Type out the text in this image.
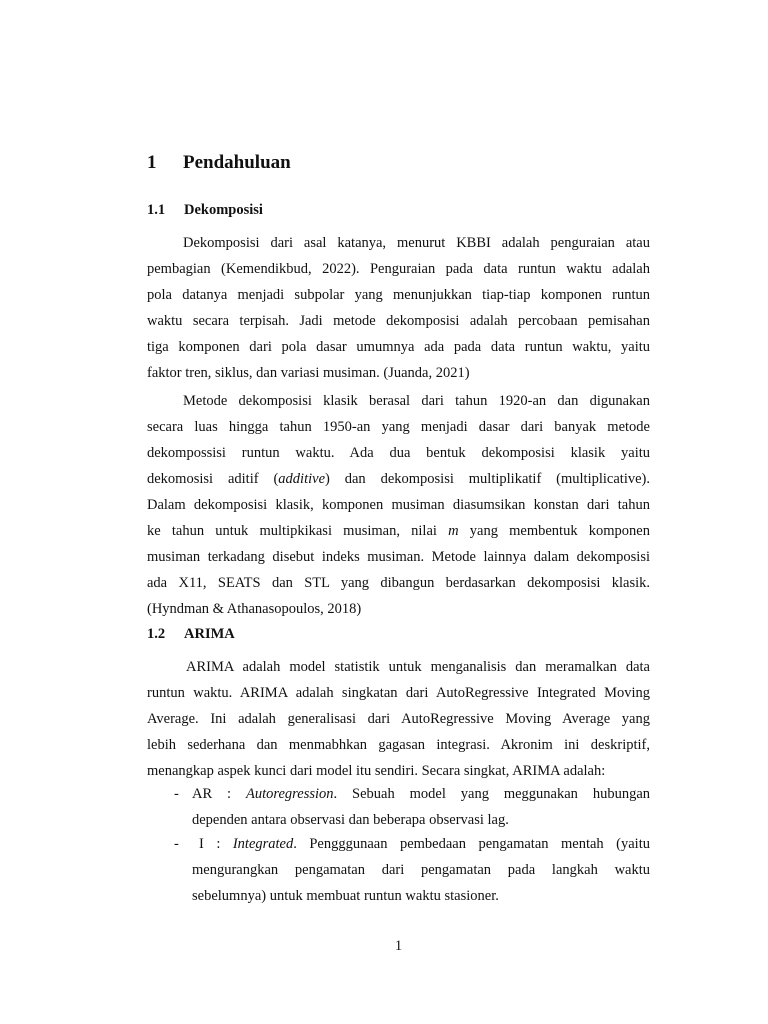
1 Pendahuluan
1.1 Dekomposisi
Dekomposisi dari asal katanya, menurut KBBI adalah penguraian atau
pembagian (Kemendikbud, 2022). Penguraian pada data runtun waktu adalah
pola datanya menjadi subpolar yang menunjukkan tiap-tiap komponen runtun
waktu secara terpisah. Jadi metode dekomposisi adalah percobaan pemisahan
tiga komponen dari pola dasar umumnya ada pada data runtun waktu, yaitu
faktor tren, siklus, dan variasi musiman. (Juanda, 2021)
Metode dekomposisi klasik berasal dari tahun 1920-an dan digunakan
secara luas hingga tahun 1950-an yang menjadi dasar dari banyak metode
dekompossisi runtun waktu. Ada dua bentuk dekomposisi klasik yaitu
dekomosisi aditif (additive) dan dekomposisi multiplikatif (multiplicative).
Dalam dekomposisi klasik, komponen musiman diasumsikan konstan dari tahun
ke tahun untuk multipkikasi musiman, nilai m yang membentuk komponen
musiman terkadang disebut indeks musiman. Metode lainnya dalam dekomposisi
ada X11, SEATS dan STL yang dibangun berdasarkan dekomposisi klasik.
(Hyndman & Athanasopoulos, 2018)
1.2 ARIMA
ARIMA adalah model statistik untuk menganalisis dan meramalkan data
runtun waktu. ARIMA adalah singkatan dari AutoRegressive Integrated Moving
Average. Ini adalah generalisasi dari AutoRegressive Moving Average yang
lebih sederhana dan menmabhkan gagasan integrasi. Akronim ini deskriptif,
menangkap aspek kunci dari model itu sendiri. Secara singkat, ARIMA adalah:
- AR : Autoregression. Sebuah model yang meggunakan hubungan
dependen antara observasi dan beberapa observasi lag.
-	I : Integrated. Pengggunaan pembedaan pengamatan mentah (yaitu
mengurangkan pengamatan dari pengamatan pada langkah waktu
sebelumnya) untuk membuat runtun waktu stasioner.
1
